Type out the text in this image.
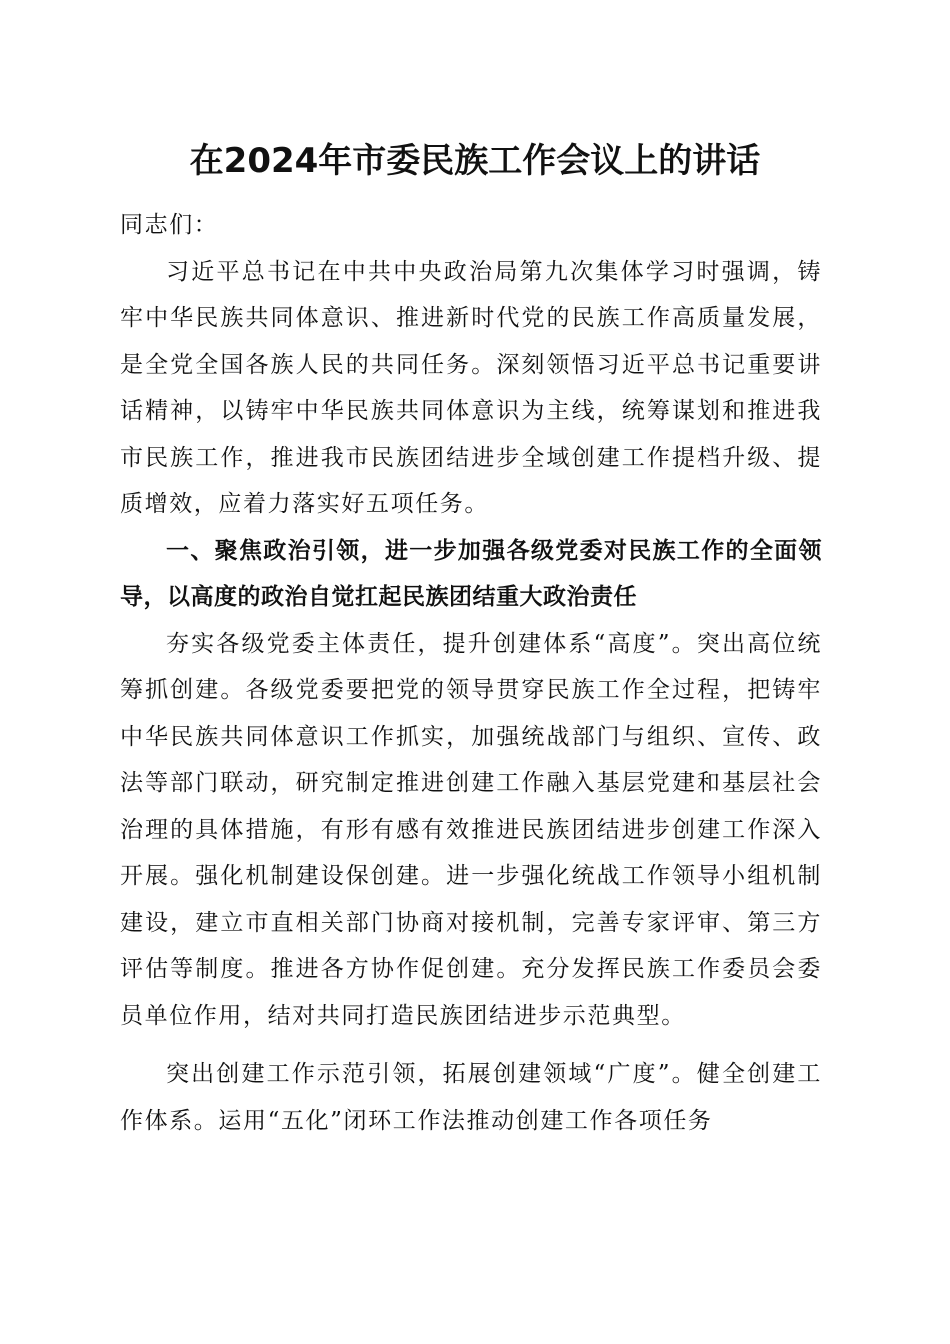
在2024年市委民族工作会议上的讲话

同志们：

习近平总书记在中共中央政治局第九次集体学习时强调，铸牢中华民族共同体意识、推进新时代党的民族工作高质量发展，是全党全国各族人民的共同任务。深刻领悟习近平总书记重要讲话精神，以铸牢中华民族共同体意识为主线，统筹谋划和推进我市民族工作，推进我市民族团结进步全域创建工作提档升级、提质增效，应着力落实好五项任务。

一、聚焦政治引领，进一步加强各级党委对民族工作的全面领导，以高度的政治自觉扛起民族团结重大政治责任

夯实各级党委主体责任，提升创建体系“高度”。突出高位统筹抓创建。各级党委要把党的领导贯穿民族工作全过程，把铸牢中华民族共同体意识工作抓实，加强统战部门与组织、宣传、政法等部门联动，研究制定推进创建工作融入基层党建和基层社会治理的具体措施，有形有感有效推进民族团结进步创建工作深入开展。强化机制建设保创建。进一步强化统战工作领导小组机制建设，建立市直相关部门协商对接机制，完善专家评审、第三方评估等制度。推进各方协作促创建。充分发挥民族工作委员会委员单位作用，结对共同打造民族团结进步示范典型。

突出创建工作示范引领，拓展创建领域“广度”。健全创建工作体系。运用“五化”闭环工作法推动创建工作各项任务
